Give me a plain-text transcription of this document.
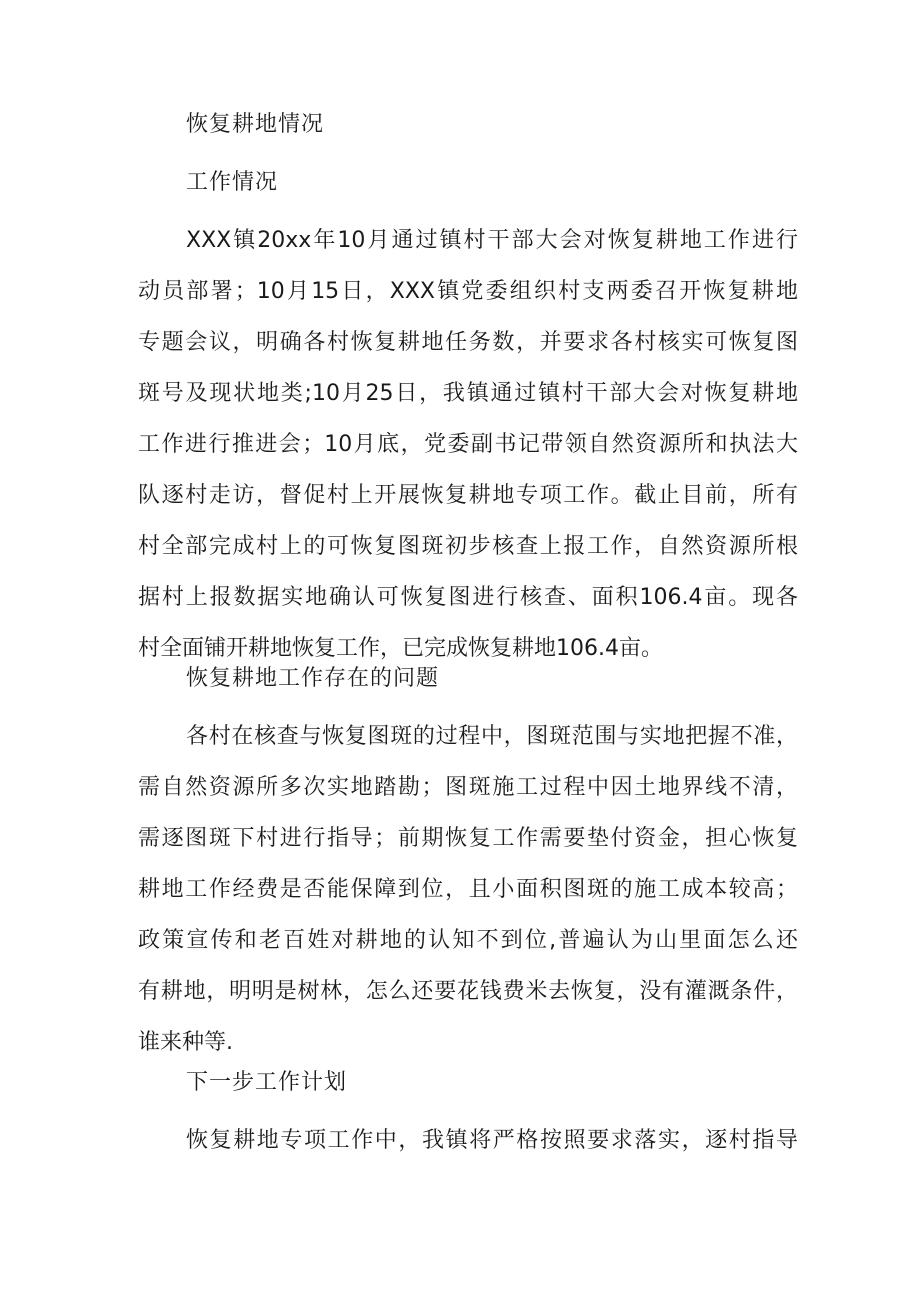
恢复耕地情况
工作情况
XXX镇20xx年10月通过镇村干部大会对恢复耕地工作进行
动员部署；10月15日，XXX镇党委组织村支两委召开恢复耕地
专题会议，明确各村恢复耕地任务数，并要求各村核实可恢复图
斑号及现状地类;10月25日，我镇通过镇村干部大会对恢复耕地
工作进行推进会；10月底，党委副书记带领自然资源所和执法大
队逐村走访，督促村上开展恢复耕地专项工作。截止目前，所有
村全部完成村上的可恢复图斑初步核查上报工作，自然资源所根
据村上报数据实地确认可恢复图进行核查、面积106.4亩。现各
村全面铺开耕地恢复工作，已完成恢复耕地106.4亩。
恢复耕地工作存在的问题
各村在核查与恢复图斑的过程中，图斑范围与实地把握不准，
需自然资源所多次实地踏勘；图斑施工过程中因土地界线不清，
需逐图斑下村进行指导；前期恢复工作需要垫付资金，担心恢复
耕地工作经费是否能保障到位，且小面积图斑的施工成本较高；
政策宣传和老百姓对耕地的认知不到位,普遍认为山里面怎么还
有耕地，明明是树林，怎么还要花钱费米去恢复，没有灌溉条件，
谁来种等.
下一步工作计划
恢复耕地专项工作中，我镇将严格按照要求落实，逐村指导
